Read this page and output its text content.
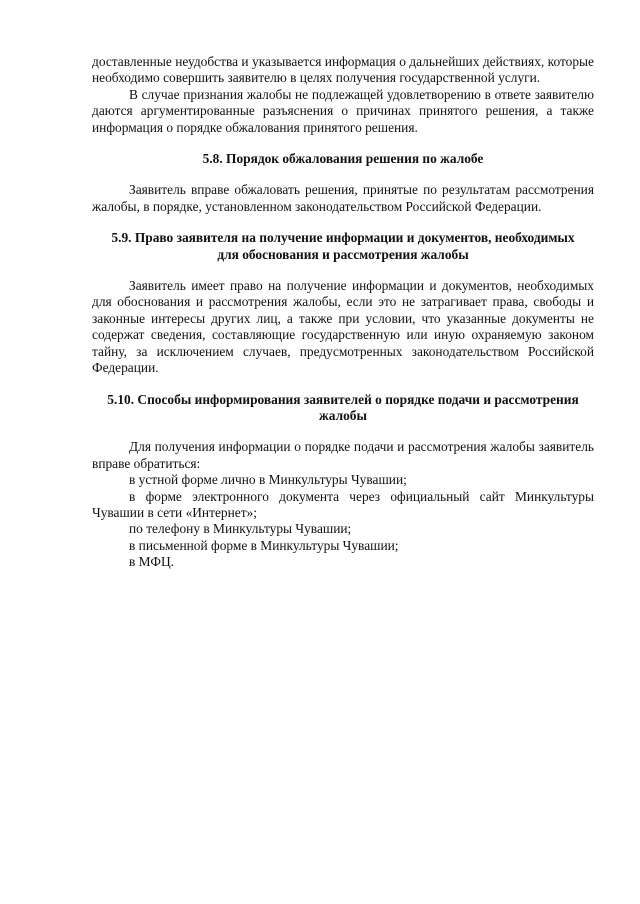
доставленные неудобства и указывается информация о дальнейших действиях, которые необходимо совершить заявителю в целях получения государственной услуги.

В случае признания жалобы не подлежащей удовлетворению в ответе заявителю даются аргументированные разъяснения о причинах принятого решения, а также информация о порядке обжалования принятого решения.

5.8. Порядок обжалования решения по жалобе

Заявитель вправе обжаловать решения, принятые по результатам рассмотрения жалобы, в порядке, установленном законодательством Российской Федерации.

5.9. Право заявителя на получение информации и документов, необходимых
для обоснования и рассмотрения жалобы

Заявитель имеет право на получение информации и документов, необходимых для обоснования и рассмотрения жалобы, если это не затрагивает права, свободы и законные интересы других лиц, а также при условии, что указанные документы не содержат сведения, составляющие государственную или иную охраняемую законом тайну, за исключением случаев, предусмотренных законодательством Российской Федерации.

5.10. Способы информирования заявителей о порядке подачи и рассмотрения
жалобы

Для получения информации о порядке подачи и рассмотрения жалобы заявитель вправе обратиться:

в устной форме лично в Минкультуры Чувашии;

в форме электронного документа через официальный сайт Минкультуры Чувашии в сети «Интернет»;

по телефону в Минкультуры Чувашии;

в письменной форме в Минкультуры Чувашии;

в МФЦ.
